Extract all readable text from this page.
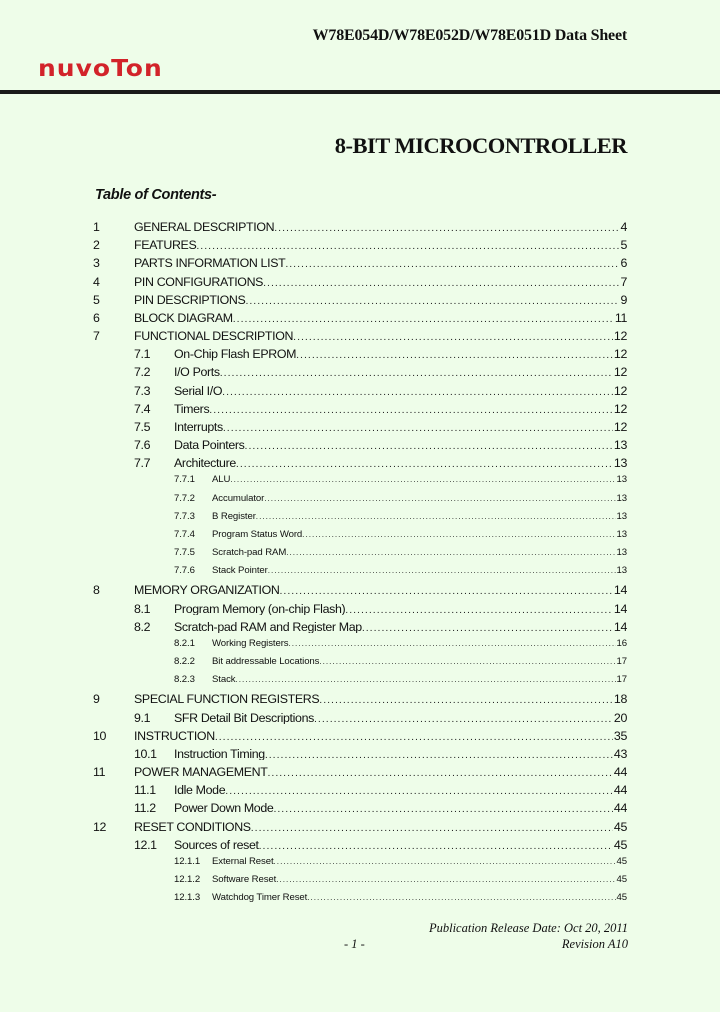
W78E054D/W78E052D/W78E051D Data Sheet
nuvoTon
8-BIT MICROCONTROLLER
Table of Contents-
1	GENERAL DESCRIPTION .....	4
2	FEATURES .....	5
3	PARTS INFORMATION LIST .....	6
4	PIN CONFIGURATIONS .....	7
5	PIN DESCRIPTIONS .....	9
6	BLOCK DIAGRAM .....	11
7	FUNCTIONAL DESCRIPTION .....	12
7.1 On-Chip Flash EPROM .....	12
7.2 I/O Ports .....	12
7.3 Serial I/O .....	12
7.4 Timers .....	12
7.5 Interrupts .....	12
7.6 Data Pointers .....	13
7.7 Architecture .....	13
7.7.1 ALU .....	13
7.7.2 Accumulator .....	13
7.7.3 B Register .....	13
7.7.4 Program Status Word .....	13
7.7.5 Scratch-pad RAM .....	13
7.7.6 Stack Pointer .....	13
8	MEMORY ORGANIZATION .....	14
8.1 Program Memory (on-chip Flash) .....	14
8.2 Scratch-pad RAM and Register Map .....	14
8.2.1 Working Registers .....	16
8.2.2 Bit addressable Locations .....	17
8.2.3 Stack .....	17
9	SPECIAL FUNCTION REGISTERS .....	18
9.1 SFR Detail Bit Descriptions .....	20
10 INSTRUCTION .....	35
10.1 Instruction Timing .....	43
11 POWER MANAGEMENT .....	44
11.1 Idle Mode .....	44
11.2 Power Down Mode .....	44
12 RESET CONDITIONS .....	45
12.1 Sources of reset .....	45
12.1.1 External Reset .....	45
12.1.2 Software Reset .....	45
12.1.3 Watchdog Timer Reset .....	45
Publication Release Date: Oct 20, 2011
- 1 -	Revision A10
